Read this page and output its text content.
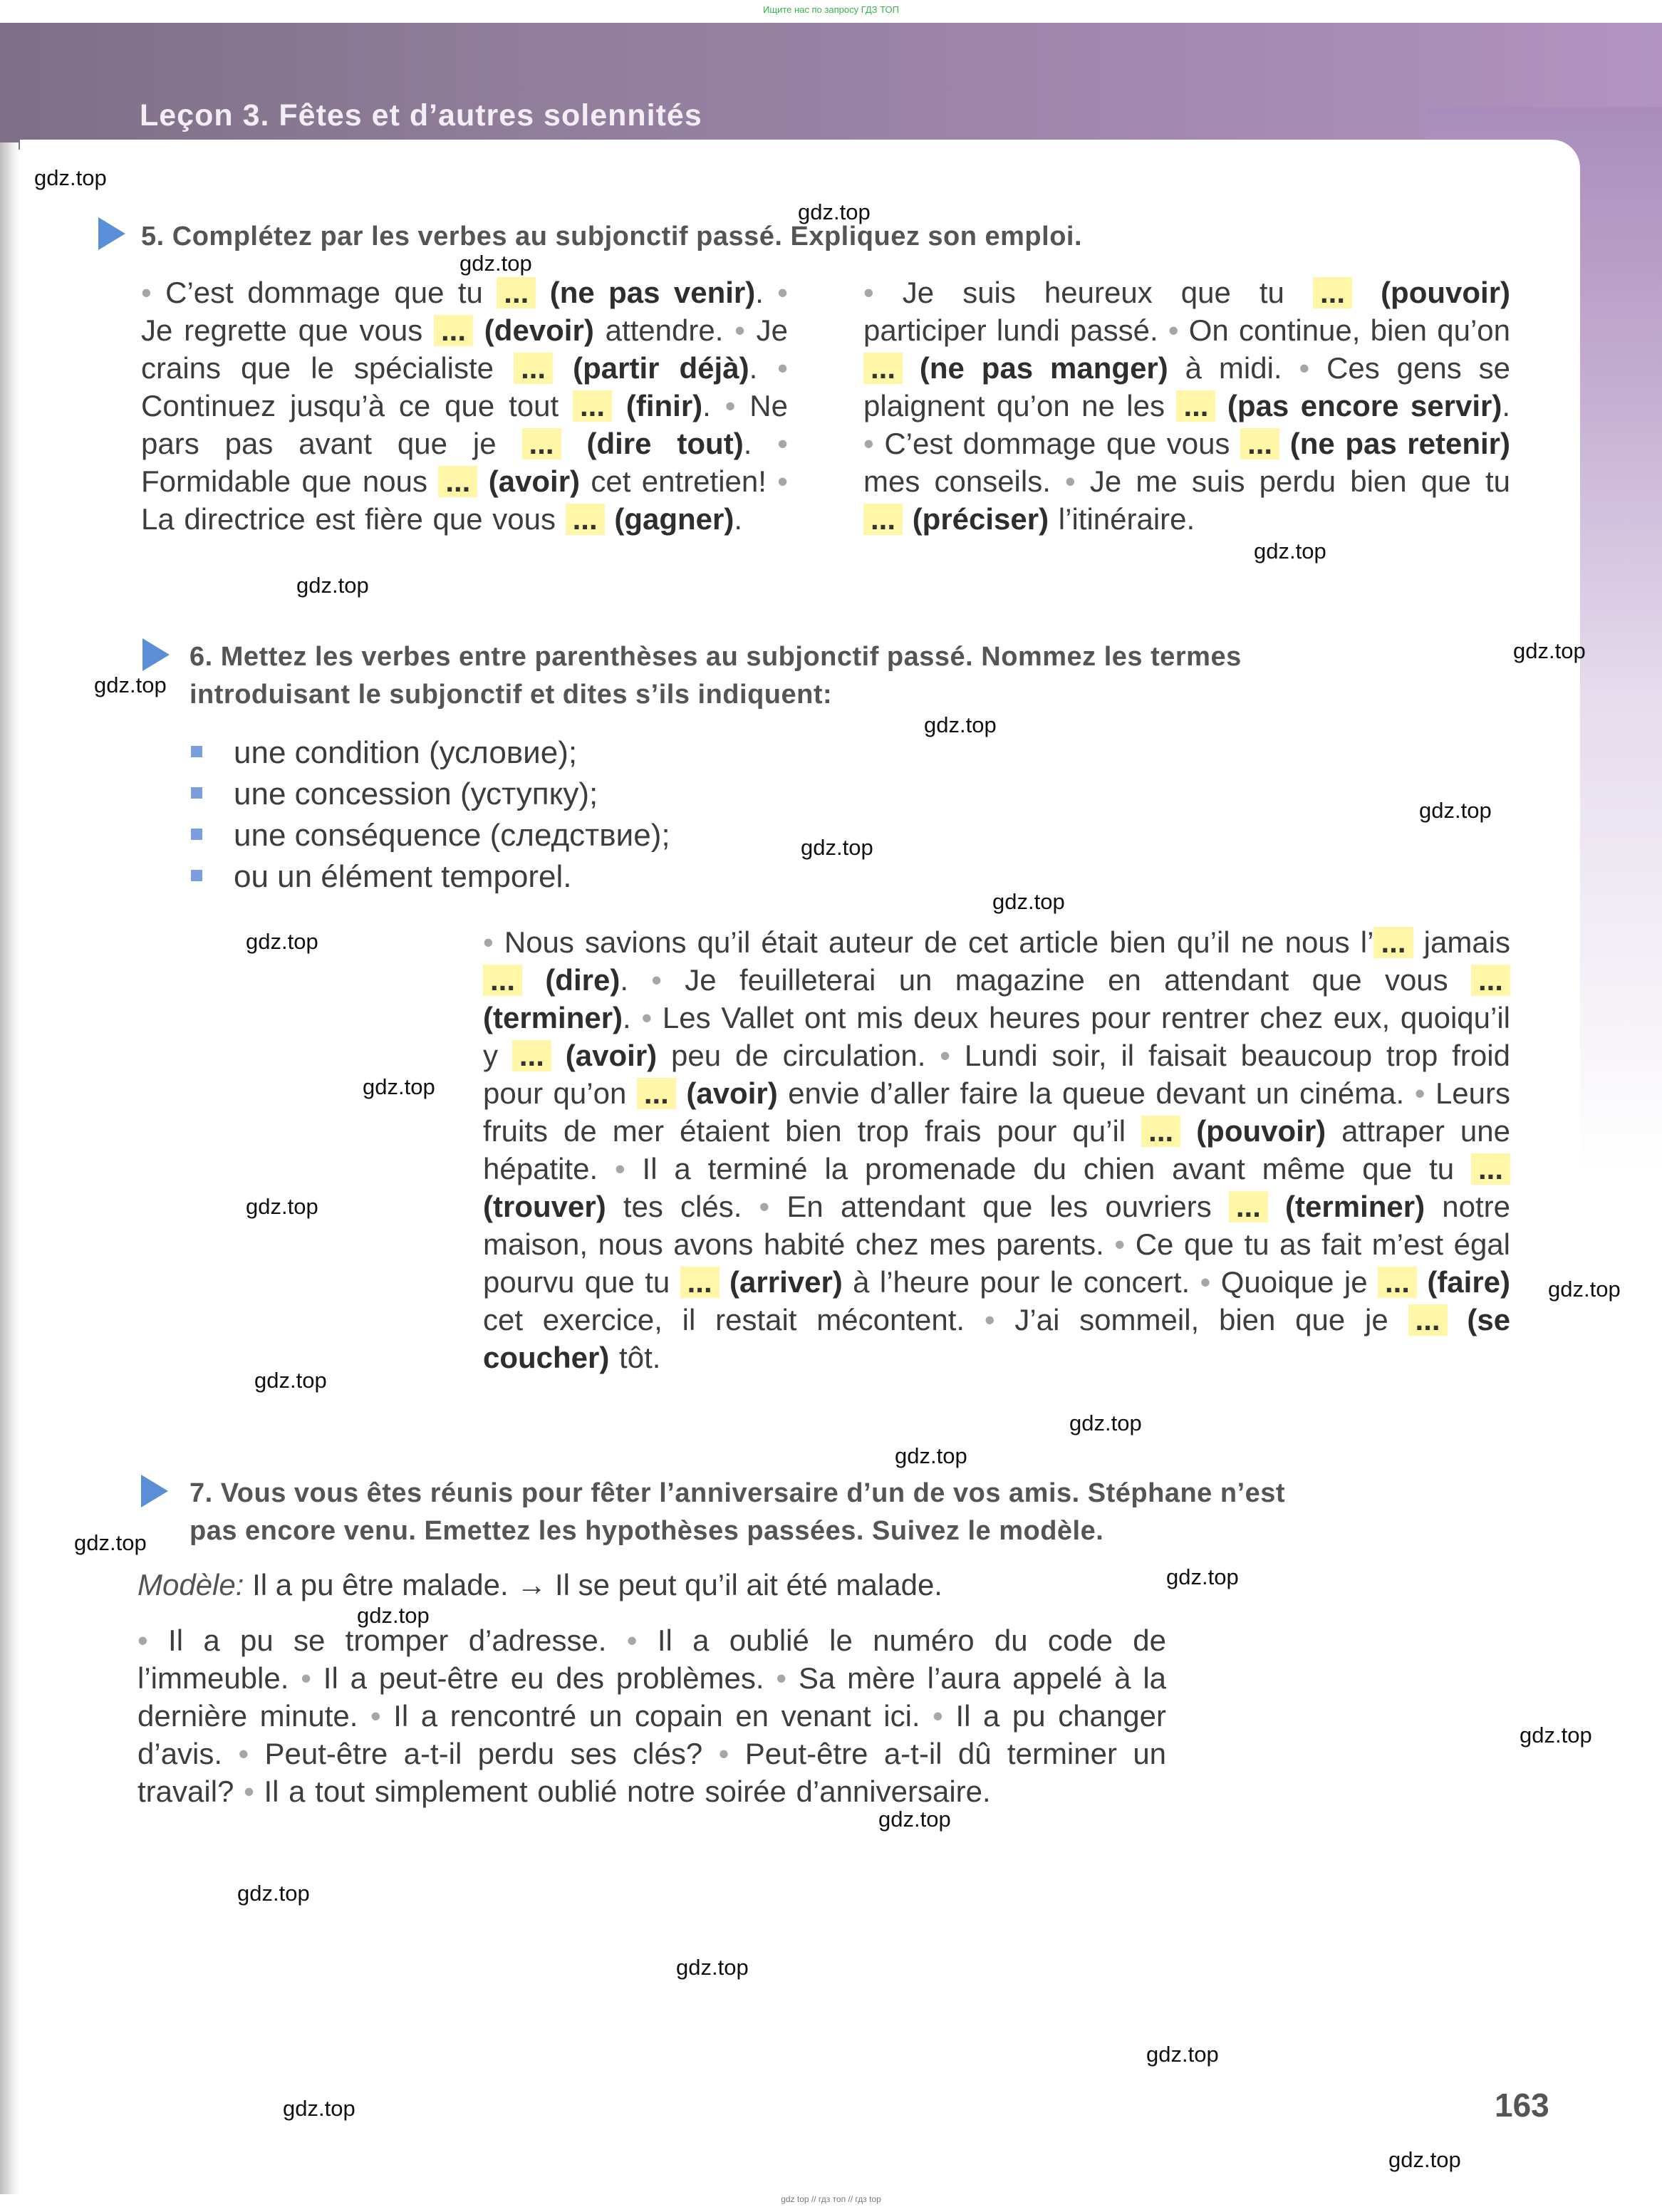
Ищите нас по запросу ГДЗ ТОП
Leçon 3. Fêtes et d’autres solennités
5. Complétez par les verbes au subjonctif passé. Expliquez son emploi.
• C’est dommage que tu ... (ne pas venir). • Je regrette que vous ... (devoir) attendre. • Je crains que le spécialiste ... (partir déjà). • Continuez jusqu’à ce que tout ... (finir). • Ne pars pas avant que je ... (dire tout). • Formidable que nous ... (avoir) cet entretien! • La directrice est fière que vous ... (gagner).
• Je suis heureux que tu ... (pouvoir) participer lundi passé. • On continue, bien qu’on ... (ne pas manger) à midi. • Ces gens se plaignent qu’on ne les ... (pas encore servir). • C’est dommage que vous ... (ne pas retenir) mes conseils. • Je me suis perdu bien que tu ... (préciser) l’itinéraire.
6. Mettez les verbes entre parenthèses au subjonctif passé. Nommez les termes
introduisant le subjonctif et dites s’ils indiquent:
une condition (условие);
une concession (уступку);
une conséquence (следствие);
ou un élément temporel.
• Nous savions qu’il était auteur de cet article bien qu’il ne nous l’ ... jamais ... (dire). • Je feuilleterai un magazine en attendant que vous ... (terminer). • Les Vallet ont mis deux heures pour rentrer chez eux, quoiqu’il y ... (avoir) peu de circulation. • Lundi soir, il faisait beaucoup trop froid pour qu’on ... (avoir) envie d’aller faire la queue devant un cinéma. • Leurs fruits de mer étaient bien trop frais pour qu’il ... (pouvoir) attraper une hépatite. • Il a terminé la promenade du chien avant même que tu ... (trouver) tes clés. • En attendant que les ouvriers ... (terminer) notre maison, nous avons habité chez mes parents. • Ce que tu as fait m’est égal pourvu que tu ... (arriver) à l’heure pour le concert. • Quoique je ... (faire) cet exercice, il restait mécontent. • J’ai sommeil, bien que je ... (se coucher) tôt.
7. Vous vous êtes réunis pour fêter l’anniversaire d’un de vos amis. Stéphane n’est
pas encore venu. Emettez les hypothèses passées. Suivez le modèle.
Modèle: Il a pu être malade. → Il se peut qu’il ait été malade.
• Il a pu se tromper d’adresse. • Il a oublié le numéro du code de l’immeuble. • Il a peut-être eu des problèmes. • Sa mère l’aura appelé à la dernière minute. • Il a rencontré un copain en venant ici. • Il a pu changer d’avis. • Peut-être a-t-il perdu ses clés? • Peut-être a-t-il dû terminer un travail? • Il a tout simplement oublié notre soirée d’anniversaire.
gdz.top
gdz.top
gdz.top
gdz.top
gdz.top
gdz.top
gdz.top
gdz.top
gdz.top
gdz.top
gdz.top
gdz.top
gdz.top
gdz.top
gdz.top
gdz.top
gdz.top
gdz.top
gdz.top
gdz.top
gdz.top
gdz.top
gdz.top
gdz.top
gdz.top
gdz.top
gdz.top
gdz.top
163
gdz top // гдз топ // гдз top
